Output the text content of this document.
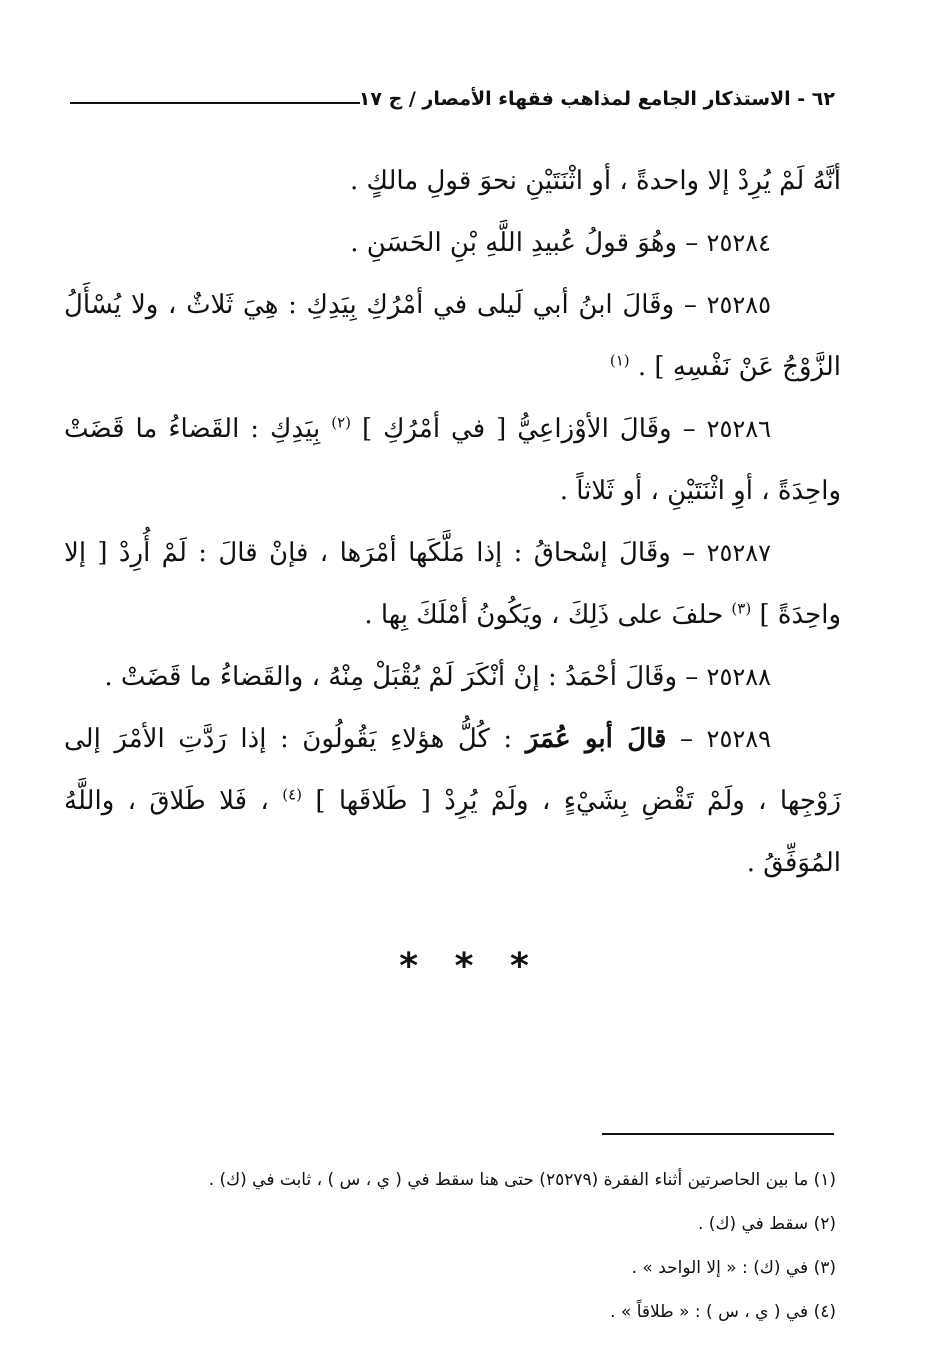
٦٢ - الاستذكار الجامع لمذاهب فقهاء الأمصار / ج ١٧

أنَّهُ لَمْ يُرِدْ إلا واحدةً ، أو اثْنَتَيْنِ نحوَ قولِ مالكٍ .

٢٥٢٨٤ – وهُوَ قولُ عُبيدِ اللَّهِ بْنِ الحَسَنِ .

٢٥٢٨٥ – وقَالَ ابنُ أبي لَيلى في أمْرُكِ بِيَدِكِ : هِيَ ثَلاثٌ ، ولا يُسْأَلُ الزَّوْجُ عَنْ نَفْسِهِ ] . $^{(١)}$

٢٥٢٨٦ – وقَالَ الأوْزاعِيُّ [ في أمْرُكِ ] $^{(٢)}$ بِيَدِكِ : القَضاءُ ما قَضَتْ واحِدَةً ، أوِ اثْنَتَيْنِ ، أو ثَلاثاً .

٢٥٢٨٧ – وقَالَ إسْحاقُ : إذا مَلَّكَها أمْرَها ، فإنْ قالَ : لَمْ أُرِدْ [ إلا واحِدَةً ] $^{(٣)}$ حلفَ على ذَلِكَ ، ويَكُونُ أمْلَكَ بِها .

٢٥٢٨٨ – وقَالَ أحْمَدُ : إنْ أنْكَرَ لَمْ يُقْبَلْ مِنْهُ ، والقَضاءُ ما قَضَتْ .

٢٥٢٨٩ – قالَ أبو عُمَرَ : كُلُّ هؤلاءِ يَقُولُونَ : إذا رَدَّتِ الأمْرَ إلى زَوْجِها ، ولَمْ تَقْضِ بِشَيْءٍ ، ولَمْ يُرِدْ [ طَلاقَها ] $^{(٤)}$ ، فَلا طَلاقَ ، واللَّهُ المُوَفِّقُ .

* * *

(١) ما بين الحاصرتين أثناء الفقرة (٢٥٢٧٩) حتى هنا سقط في ( ي ، س ) ، ثابت في (ك) .

(٢) سقط في (ك) .

(٣) في (ك) : « إلا الواحد » .

(٤) في ( ي ، س ) : « طلاقاً » .
